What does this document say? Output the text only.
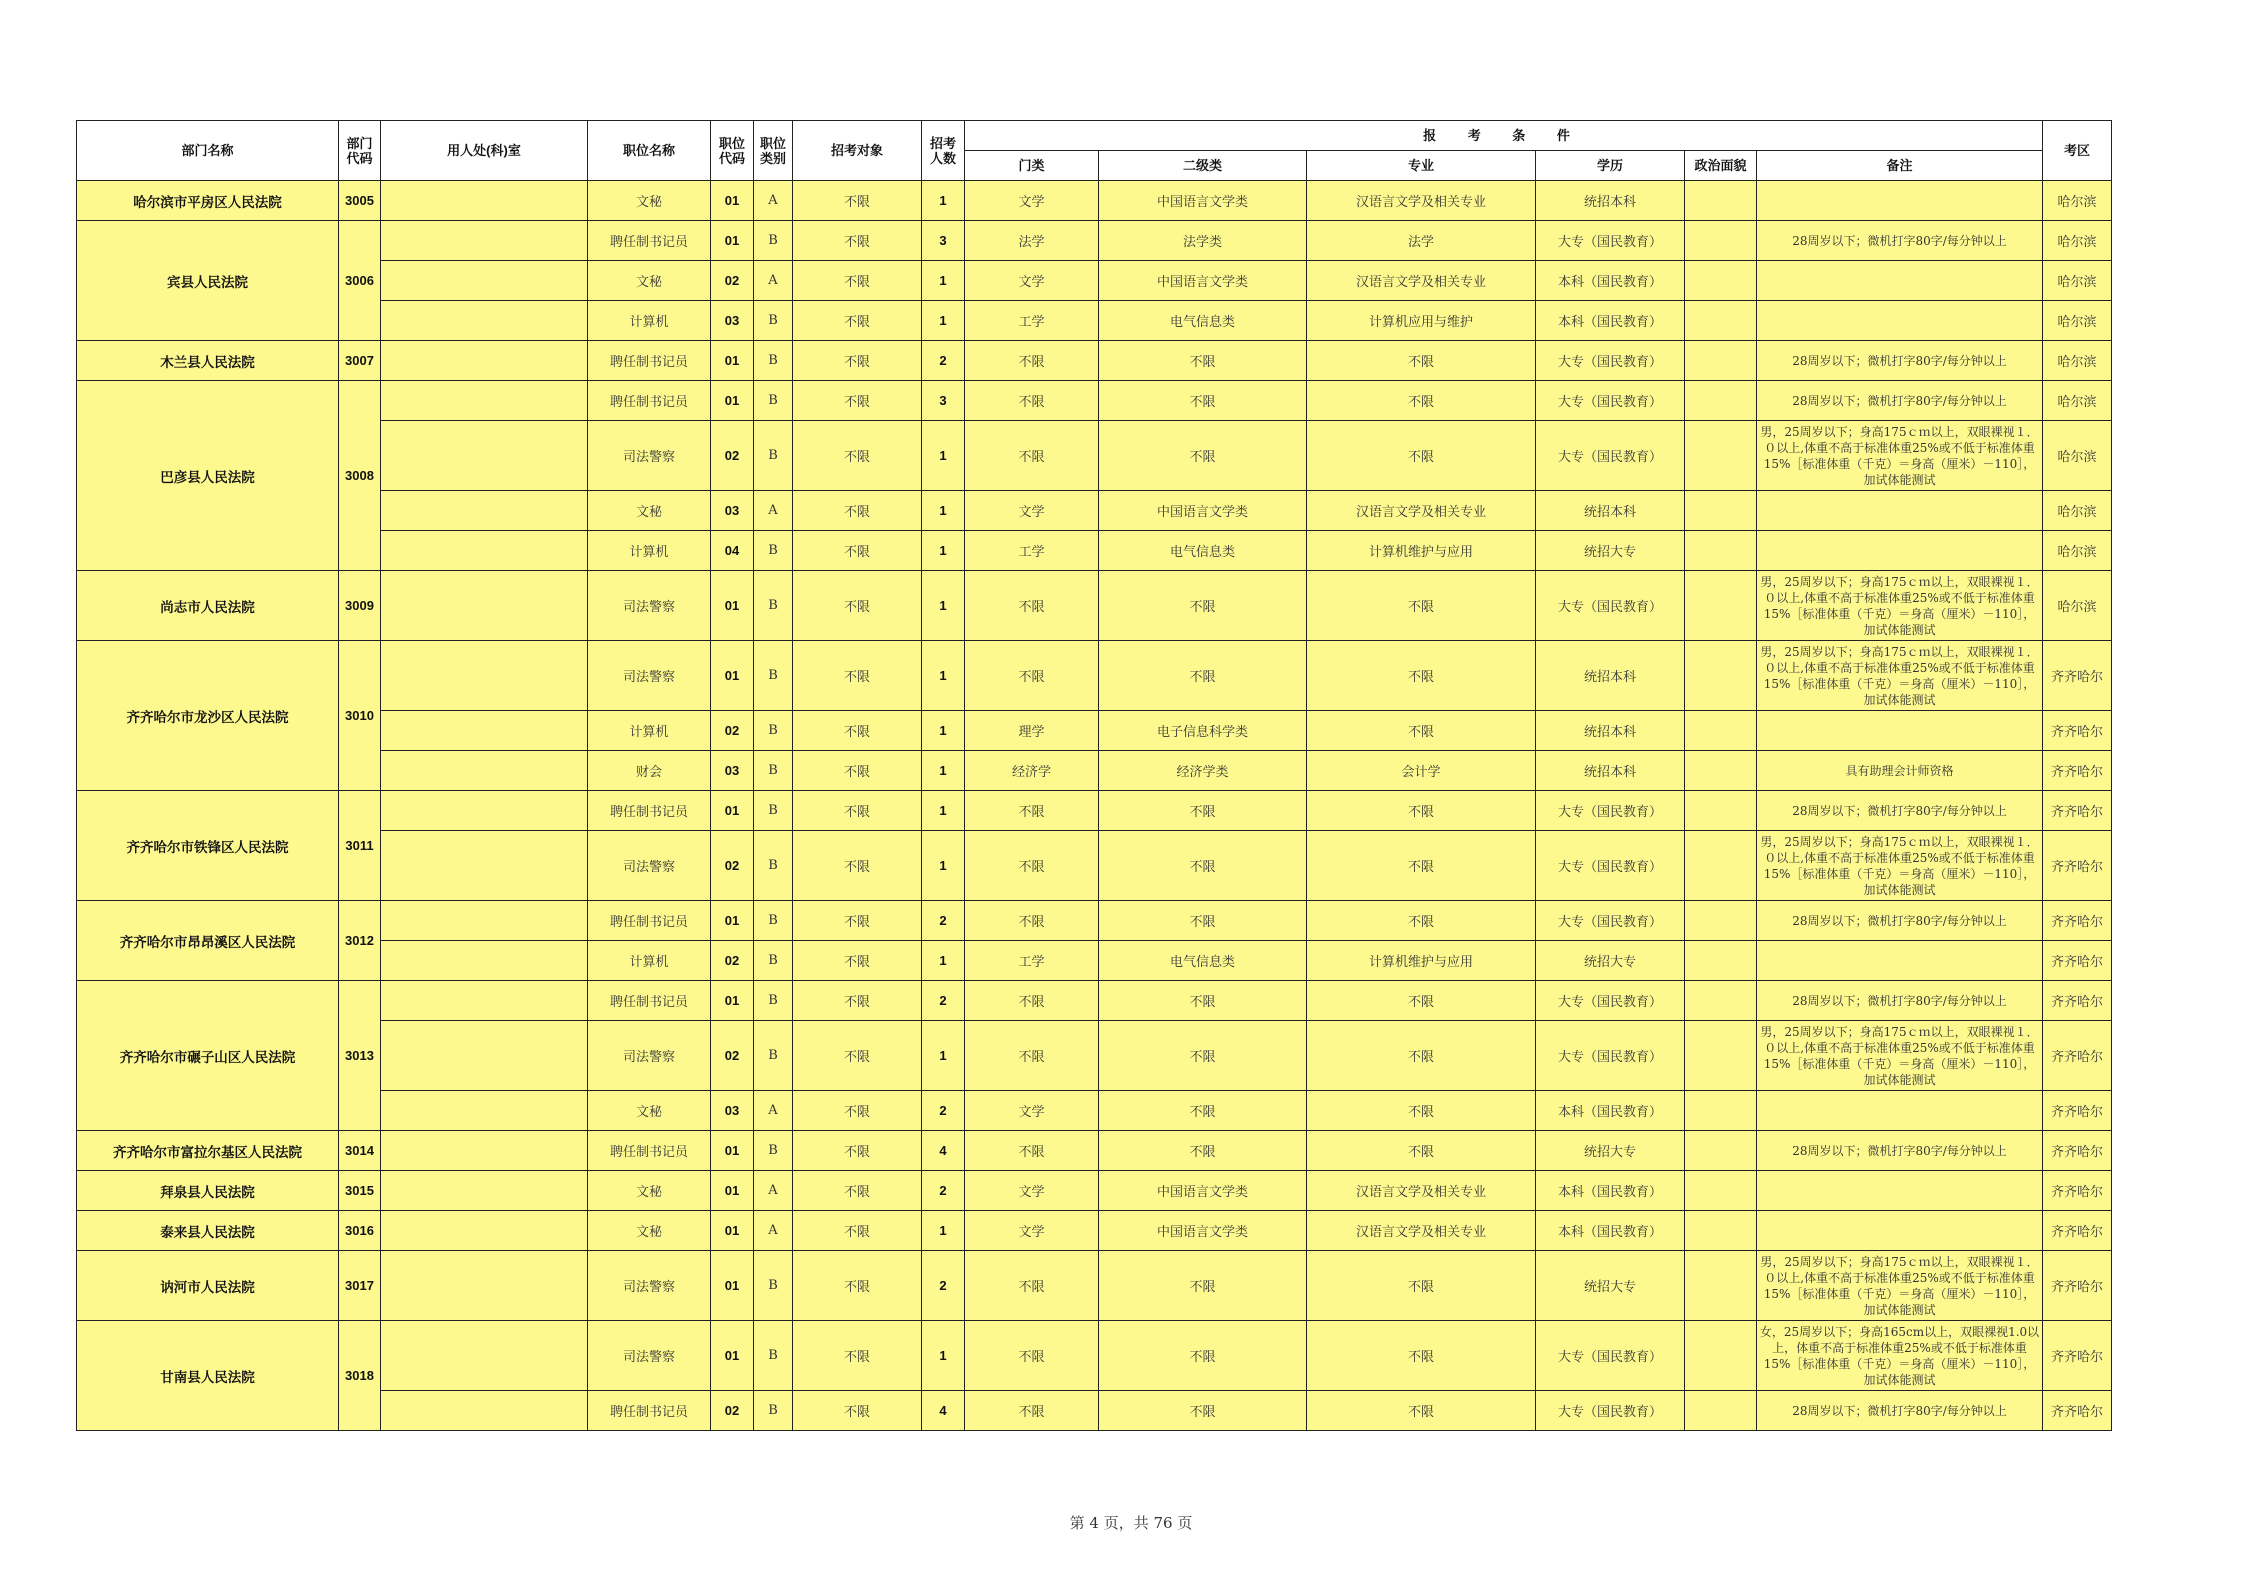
部门名称	部门代码	用人处(科)室	职位名称	职位代码	职位类别	招考对象	招考人数	报 考 条 件						考区
								门类	二级类	专业	学历	政治面貌	备注	
哈尔滨市平房区人民法院	3005		文秘	01	A	不限	1	文学	中国语言文学类	汉语言文学及相关专业	统招本科			哈尔滨
宾县人民法院	3006		聘任制书记员	01	B	不限	3	法学	法学类	法学	大专（国民教育）		28周岁以下；微机打字80字/每分钟以上	哈尔滨
			文秘	02	A	不限	1	文学	中国语言文学类	汉语言文学及相关专业	本科（国民教育）			哈尔滨
			计算机	03	B	不限	1	工学	电气信息类	计算机应用与维护	本科（国民教育）			哈尔滨
木兰县人民法院	3007		聘任制书记员	01	B	不限	2	不限	不限	不限	大专（国民教育）		28周岁以下；微机打字80字/每分钟以上	哈尔滨
巴彦县人民法院	3008		聘任制书记员	01	B	不限	3	不限	不限	不限	大专（国民教育）		28周岁以下；微机打字80字/每分钟以上	哈尔滨
			司法警察	02	B	不限	1	不限	不限	不限	大专（国民教育）		男，25周岁以下；身高175ｃｍ以上，双眼裸视１．０以上,体重不高于标准体重25%或不低于标准体重15%［标准体重（千克）＝身高（厘米）－110］，加试体能测试	哈尔滨
			文秘	03	A	不限	1	文学	中国语言文学类	汉语言文学及相关专业	统招本科			哈尔滨
			计算机	04	B	不限	1	工学	电气信息类	计算机维护与应用	统招大专			哈尔滨
尚志市人民法院	3009		司法警察	01	B	不限	1	不限	不限	不限	大专（国民教育）		男，25周岁以下；身高175ｃｍ以上，双眼裸视１．０以上,体重不高于标准体重25%或不低于标准体重15%［标准体重（千克）＝身高（厘米）－110］，加试体能测试	哈尔滨
齐齐哈尔市龙沙区人民法院	3010		司法警察	01	B	不限	1	不限	不限	不限	统招本科		男，25周岁以下；身高175ｃｍ以上，双眼裸视１．０以上,体重不高于标准体重25%或不低于标准体重15%［标准体重（千克）＝身高（厘米）－110］，加试体能测试	齐齐哈尔
			计算机	02	B	不限	1	理学	电子信息科学类	不限	统招本科			齐齐哈尔
			财会	03	B	不限	1	经济学	经济学类	会计学	统招本科		具有助理会计师资格	齐齐哈尔
齐齐哈尔市铁锋区人民法院	3011		聘任制书记员	01	B	不限	1	不限	不限	不限	大专（国民教育）		28周岁以下；微机打字80字/每分钟以上	齐齐哈尔
			司法警察	02	B	不限	1	不限	不限	不限	大专（国民教育）		男，25周岁以下；身高175ｃｍ以上，双眼裸视１．０以上,体重不高于标准体重25%或不低于标准体重15%［标准体重（千克）＝身高（厘米）－110］，加试体能测试	齐齐哈尔
齐齐哈尔市昂昂溪区人民法院	3012		聘任制书记员	01	B	不限	2	不限	不限	不限	大专（国民教育）		28周岁以下；微机打字80字/每分钟以上	齐齐哈尔
			计算机	02	B	不限	1	工学	电气信息类	计算机维护与应用	统招大专			齐齐哈尔
齐齐哈尔市碾子山区人民法院	3013		聘任制书记员	01	B	不限	2	不限	不限	不限	大专（国民教育）		28周岁以下；微机打字80字/每分钟以上	齐齐哈尔
			司法警察	02	B	不限	1	不限	不限	不限	大专（国民教育）		男，25周岁以下；身高175ｃｍ以上，双眼裸视１．０以上,体重不高于标准体重25%或不低于标准体重15%［标准体重（千克）＝身高（厘米）－110］，加试体能测试	齐齐哈尔
			文秘	03	A	不限	2	文学	不限	不限	本科（国民教育）			齐齐哈尔
齐齐哈尔市富拉尔基区人民法院	3014		聘任制书记员	01	B	不限	4	不限	不限	不限	统招大专		28周岁以下；微机打字80字/每分钟以上	齐齐哈尔
拜泉县人民法院	3015		文秘	01	A	不限	2	文学	中国语言文学类	汉语言文学及相关专业	本科（国民教育）			齐齐哈尔
泰来县人民法院	3016		文秘	01	A	不限	1	文学	中国语言文学类	汉语言文学及相关专业	本科（国民教育）			齐齐哈尔
讷河市人民法院	3017		司法警察	01	B	不限	2	不限	不限	不限	统招大专		男，25周岁以下；身高175ｃｍ以上，双眼裸视１．０以上,体重不高于标准体重25%或不低于标准体重15%［标准体重（千克）＝身高（厘米）－110］，加试体能测试	齐齐哈尔
甘南县人民法院	3018		司法警察	01	B	不限	1	不限	不限	不限	大专（国民教育）		女，25周岁以下；身高165cm以上，双眼裸视1.0以上，体重不高于标准体重25%或不低于标准体重15%［标准体重（千克）＝身高（厘米）－110］，加试体能测试	齐齐哈尔
			聘任制书记员	02	B	不限	4	不限	不限	不限	大专（国民教育）		28周岁以下；微机打字80字/每分钟以上	齐齐哈尔
第 4 页，共 76 页
